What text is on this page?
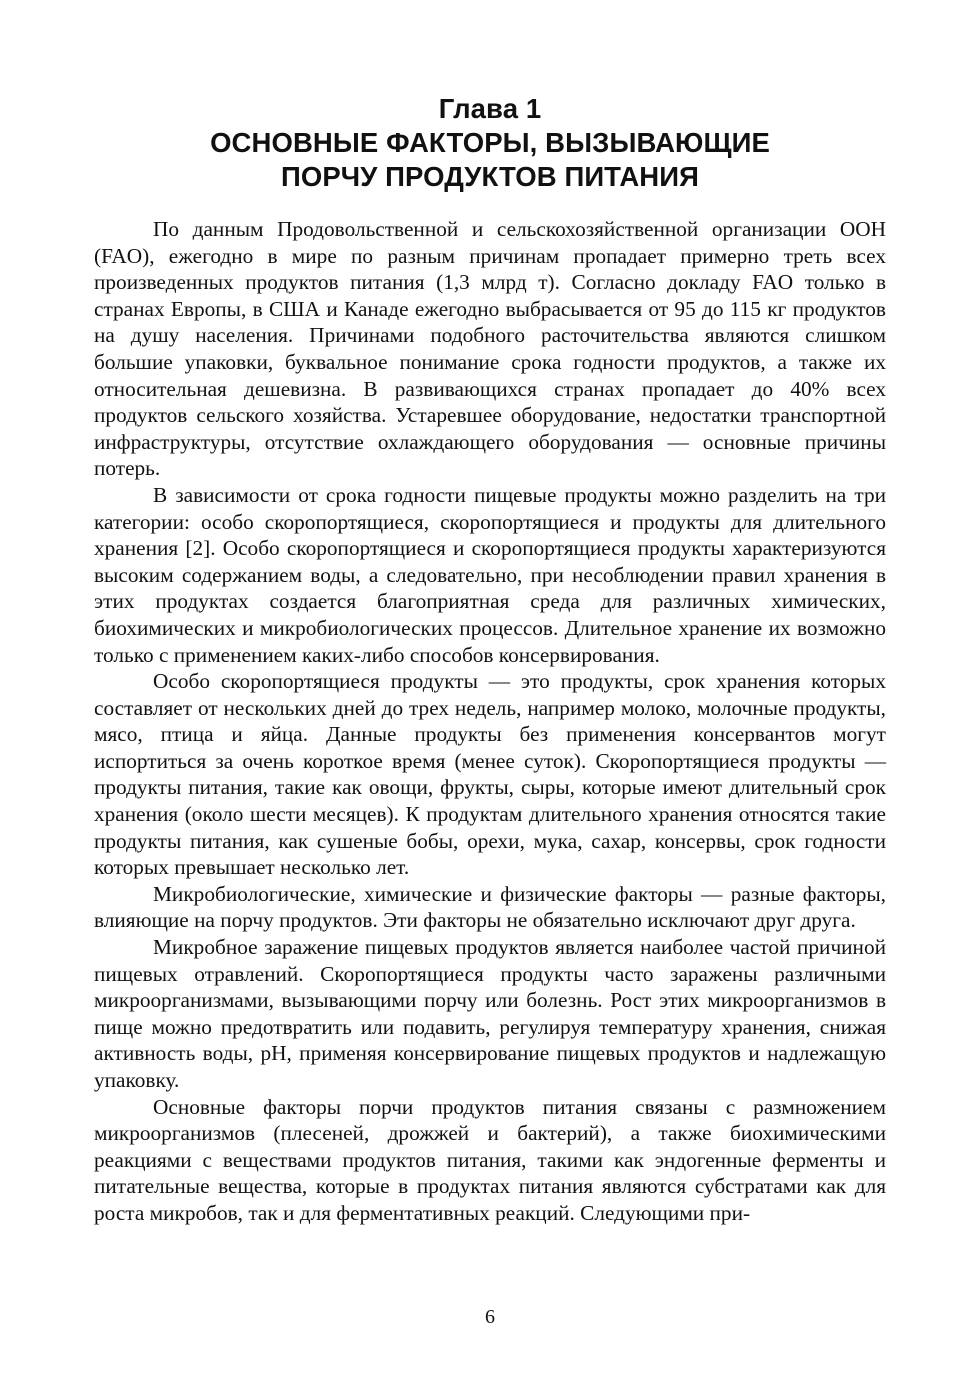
Глава 1
ОСНОВНЫЕ ФАКТОРЫ, ВЫЗЫВАЮЩИЕ
ПОРЧУ ПРОДУКТОВ ПИТАНИЯ

По данным Продовольственной и сельскохозяйственной организации ООН (FAO), ежегодно в мире по разным причинам пропадает примерно треть всех произведенных продуктов питания (1,3 млрд т). Согласно докладу FAO только в странах Европы, в США и Канаде ежегодно выбрасывается от 95 до 115 кг продуктов на душу населения. Причинами подобного расточительства являются слишком большие упаковки, буквальное понимание срока годности продуктов, а также их относительная дешевизна. В развивающихся странах пропадает до 40% всех продуктов сельского хозяйства. Устаревшее оборудование, недостатки транспортной инфраструктуры, отсутствие охлаждающего оборудования — основные причины потерь.

В зависимости от срока годности пищевые продукты можно разделить на три категории: особо скоропортящиеся, скоропортящиеся и продукты для длительного хранения [2]. Особо скоропортящиеся и скоропортящиеся продукты характеризуются высоким содержанием воды, а следовательно, при несоблюдении правил хранения в этих продуктах создается благоприятная среда для различных химических, биохимических и микробиологических процессов. Длительное хранение их возможно только с применением каких-либо способов консервирования.

Особо скоропортящиеся продукты — это продукты, срок хранения которых составляет от нескольких дней до трех недель, например молоко, молочные продукты, мясо, птица и яйца. Данные продукты без применения консервантов могут испортиться за очень короткое время (менее суток). Скоропортящиеся продукты — продукты питания, такие как овощи, фрукты, сыры, которые имеют длительный срок хранения (около шести месяцев). К продуктам длительного хранения относятся такие продукты питания, как сушеные бобы, орехи, мука, сахар, консервы, срок годности которых превышает несколько лет.

Микробиологические, химические и физические факторы — разные факторы, влияющие на порчу продуктов. Эти факторы не обязательно исключают друг друга.

Микробное заражение пищевых продуктов является наиболее частой причиной пищевых отравлений. Скоропортящиеся продукты часто заражены различными микроорганизмами, вызывающими порчу или болезнь. Рост этих микроорганизмов в пище можно предотвратить или подавить, регулируя температуру хранения, снижая активность воды, pH, применяя консервирование пищевых продуктов и надлежащую упаковку.

Основные факторы порчи продуктов питания связаны с размножением микроорганизмов (плесеней, дрожжей и бактерий), а также биохимическими реакциями с веществами продуктов питания, такими как эндогенные ферменты и питательные вещества, которые в продуктах питания являются субстратами как для роста микробов, так и для ферментативных реакций. Следующими при-

6
